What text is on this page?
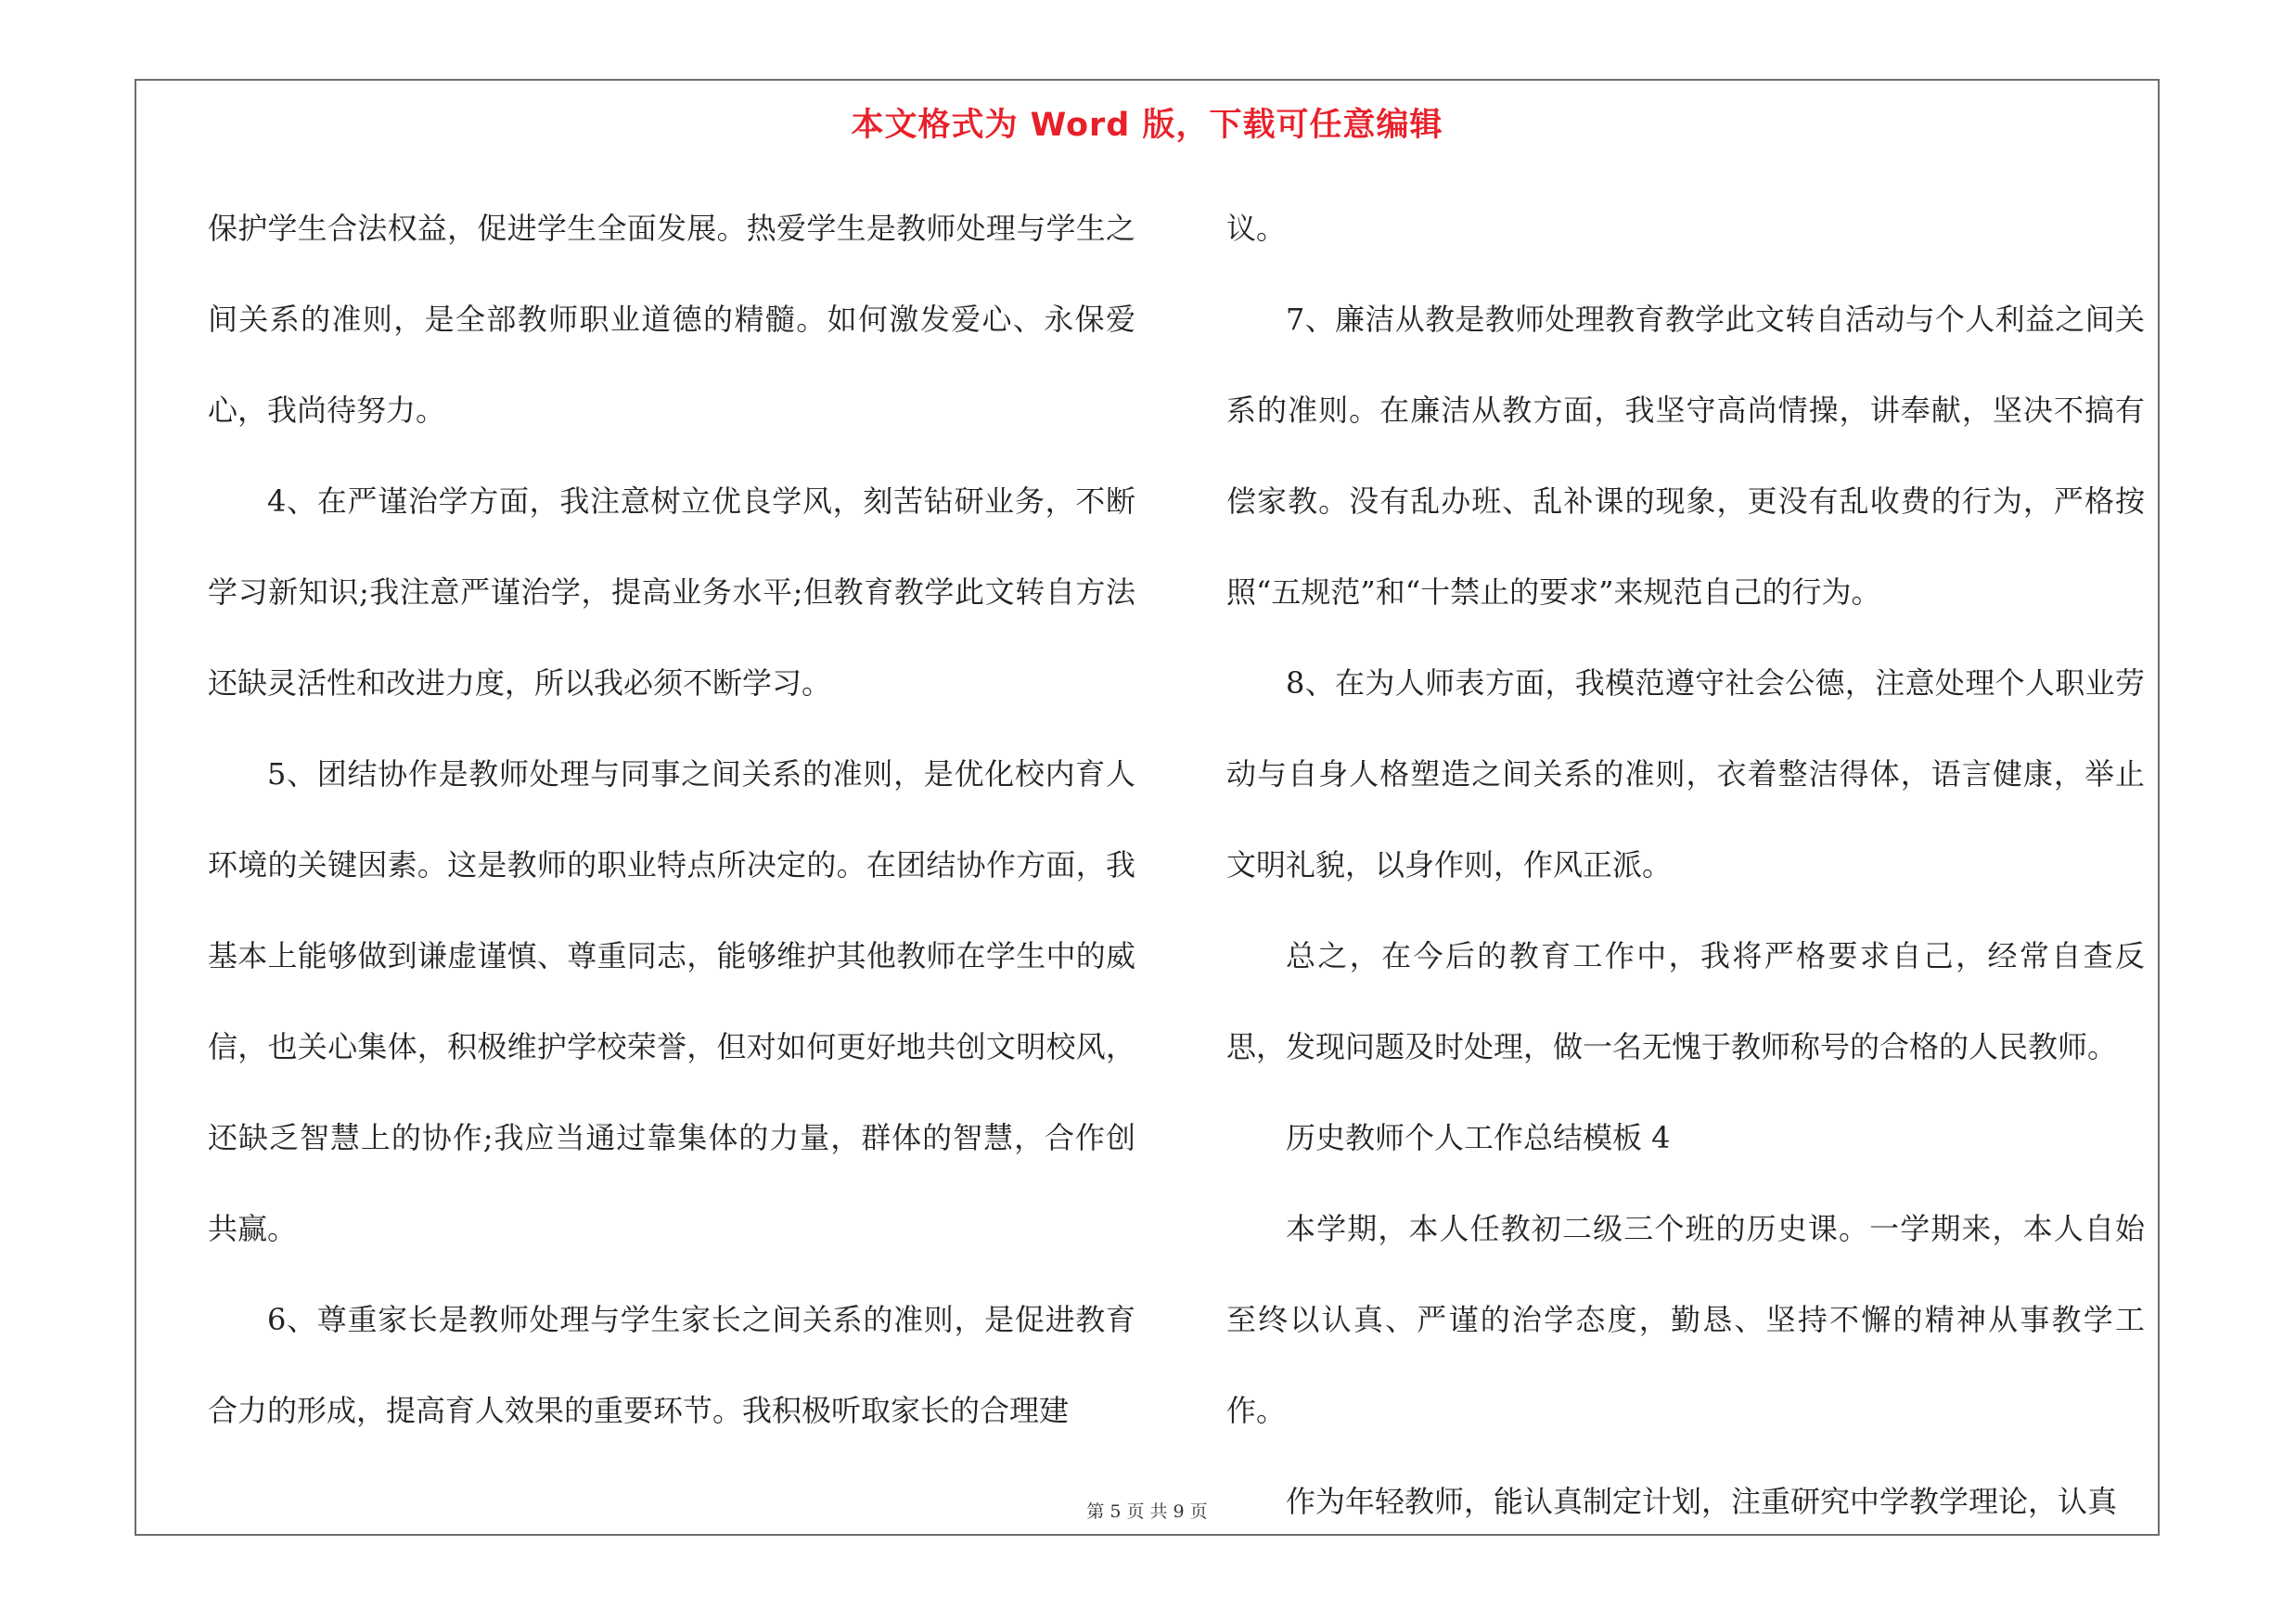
本文格式为 Word 版，下载可任意编辑

保护学生合法权益，促进学生全面发展。热爱学生是教师处理与学生之间关系的准则，是全部教师职业道德的精髓。如何激发爱心、永保爱心，我尚待努力。

4、在严谨治学方面，我注意树立优良学风，刻苦钻研业务，不断学习新知识;我注意严谨治学，提高业务水平;但教育教学此文转自方法还缺灵活性和改进力度，所以我必须不断学习。

5、团结协作是教师处理与同事之间关系的准则，是优化校内育人环境的关键因素。这是教师的职业特点所决定的。在团结协作方面，我基本上能够做到谦虚谨慎、尊重同志，能够维护其他教师在学生中的威信，也关心集体，积极维护学校荣誉，但对如何更好地共创文明校风，还缺乏智慧上的协作;我应当通过靠集体的力量，群体的智慧，合作创共赢。

6、尊重家长是教师处理与学生家长之间关系的准则，是促进教育合力的形成，提高育人效果的重要环节。我积极听取家长的合理建

议。

7、廉洁从教是教师处理教育教学此文转自活动与个人利益之间关系的准则。在廉洁从教方面，我坚守高尚情操，讲奉献，坚决不搞有偿家教。没有乱办班、乱补课的现象，更没有乱收费的行为，严格按照“五规范”和“十禁止的要求”来规范自己的行为。

8、在为人师表方面，我模范遵守社会公德，注意处理个人职业劳动与自身人格塑造之间关系的准则，衣着整洁得体，语言健康，举止文明礼貌，以身作则，作风正派。

总之，在今后的教育工作中，我将严格要求自己，经常自查反思，发现问题及时处理，做一名无愧于教师称号的合格的人民教师。

历史教师个人工作总结模板 4

本学期，本人任教初二级三个班的历史课。一学期来，本人自始至终以认真、严谨的治学态度，勤恳、坚持不懈的精神从事教学工作。

作为年轻教师，能认真制定计划，注重研究中学教学理论，认真

第 5 页 共 9 页
